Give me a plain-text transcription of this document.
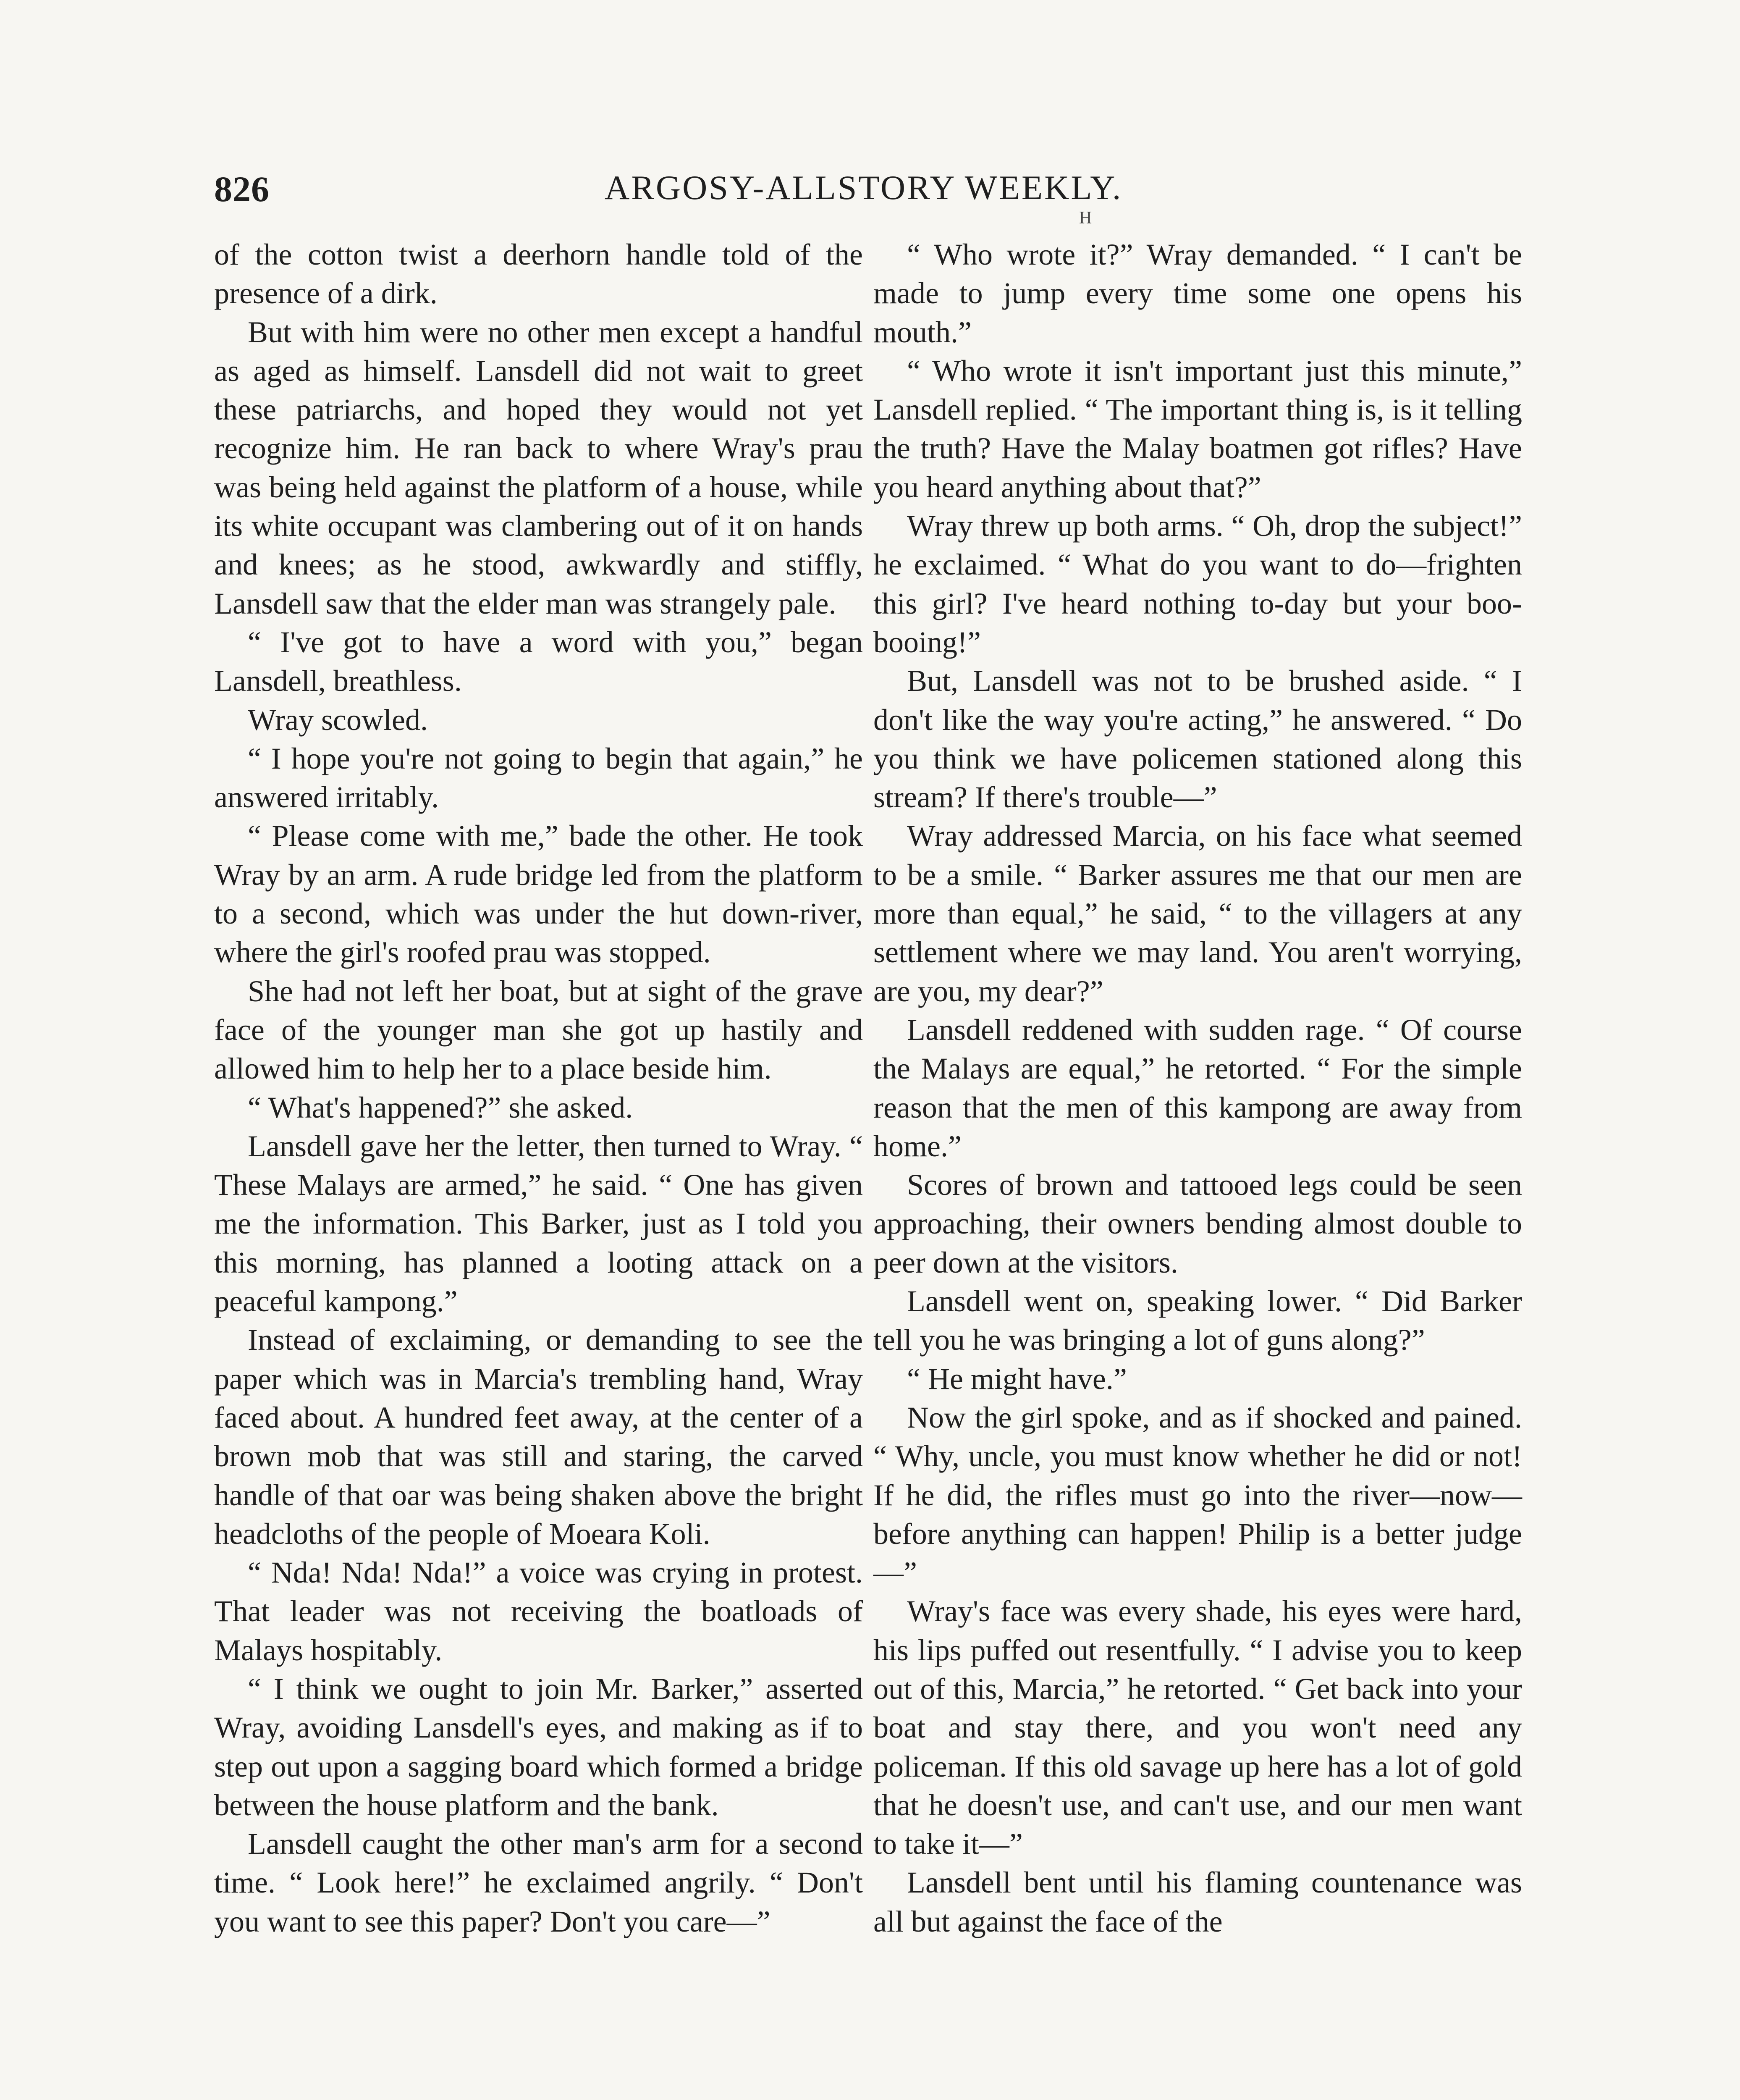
826	ARGOSY-ALLSTORY WEEKLY.
H

of the cotton twist a deerhorn handle told of the presence of a dirk.

But with him were no other men except a handful as aged as himself. Lansdell did not wait to greet these patriarchs, and hoped they would not yet recognize him. He ran back to where Wray's prau was being held against the platform of a house, while its white occupant was clambering out of it on hands and knees; as he stood, awkwardly and stiffly, Lansdell saw that the elder man was strangely pale.

“ I've got to have a word with you,” began Lansdell, breathless.

Wray scowled.

“ I hope you're not going to begin that again,” he answered irritably.

“ Please come with me,” bade the other. He took Wray by an arm. A rude bridge led from the platform to a second, which was under the hut down-river, where the girl's roofed prau was stopped.

She had not left her boat, but at sight of the grave face of the younger man she got up hastily and allowed him to help her to a place beside him.

“ What's happened?” she asked.

Lansdell gave her the letter, then turned to Wray. “ These Malays are armed,” he said. “ One has given me the information. This Barker, just as I told you this morning, has planned a looting attack on a peaceful kampong.”

Instead of exclaiming, or demanding to see the paper which was in Marcia's trembling hand, Wray faced about. A hundred feet away, at the center of a brown mob that was still and staring, the carved handle of that oar was being shaken above the bright headcloths of the people of Moeara Koli.

“ Nda! Nda! Nda!” a voice was crying in protest. That leader was not receiving the boatloads of Malays hospitably.

“ I think we ought to join Mr. Barker,” asserted Wray, avoiding Lansdell's eyes, and making as if to step out upon a sagging board which formed a bridge between the house platform and the bank.

Lansdell caught the other man's arm for a second time. “ Look here!” he exclaimed angrily. “ Don't you want to see this paper? Don't you care—”

“ Who wrote it?” Wray demanded. “ I can't be made to jump every time some one opens his mouth.”

“ Who wrote it isn't important just this minute,” Lansdell replied. “ The important thing is, is it telling the truth? Have the Malay boatmen got rifles? Have you heard anything about that?”

Wray threw up both arms. “ Oh, drop the subject!” he exclaimed. “ What do you want to do—frighten this girl? I've heard nothing to-day but your boo-booing!”

But, Lansdell was not to be brushed aside. “ I don't like the way you're acting,” he answered. “ Do you think we have policemen stationed along this stream? If there's trouble—”

Wray addressed Marcia, on his face what seemed to be a smile. “ Barker assures me that our men are more than equal,” he said, “ to the villagers at any settlement where we may land. You aren't worrying, are you, my dear?”

Lansdell reddened with sudden rage. “ Of course the Malays are equal,” he retorted. “ For the simple reason that the men of this kampong are away from home.”

Scores of brown and tattooed legs could be seen approaching, their owners bending almost double to peer down at the visitors.

Lansdell went on, speaking lower. “ Did Barker tell you he was bringing a lot of guns along?”

“ He might have.”

Now the girl spoke, and as if shocked and pained. “ Why, uncle, you must know whether he did or not! If he did, the rifles must go into the river—now—before anything can happen! Philip is a better judge—”

Wray's face was every shade, his eyes were hard, his lips puffed out resentfully. “ I advise you to keep out of this, Marcia,” he retorted. “ Get back into your boat and stay there, and you won't need any policeman. If this old savage up here has a lot of gold that he doesn't use, and can't use, and our men want to take it—”

Lansdell bent until his flaming countenance was all but against the face of the
